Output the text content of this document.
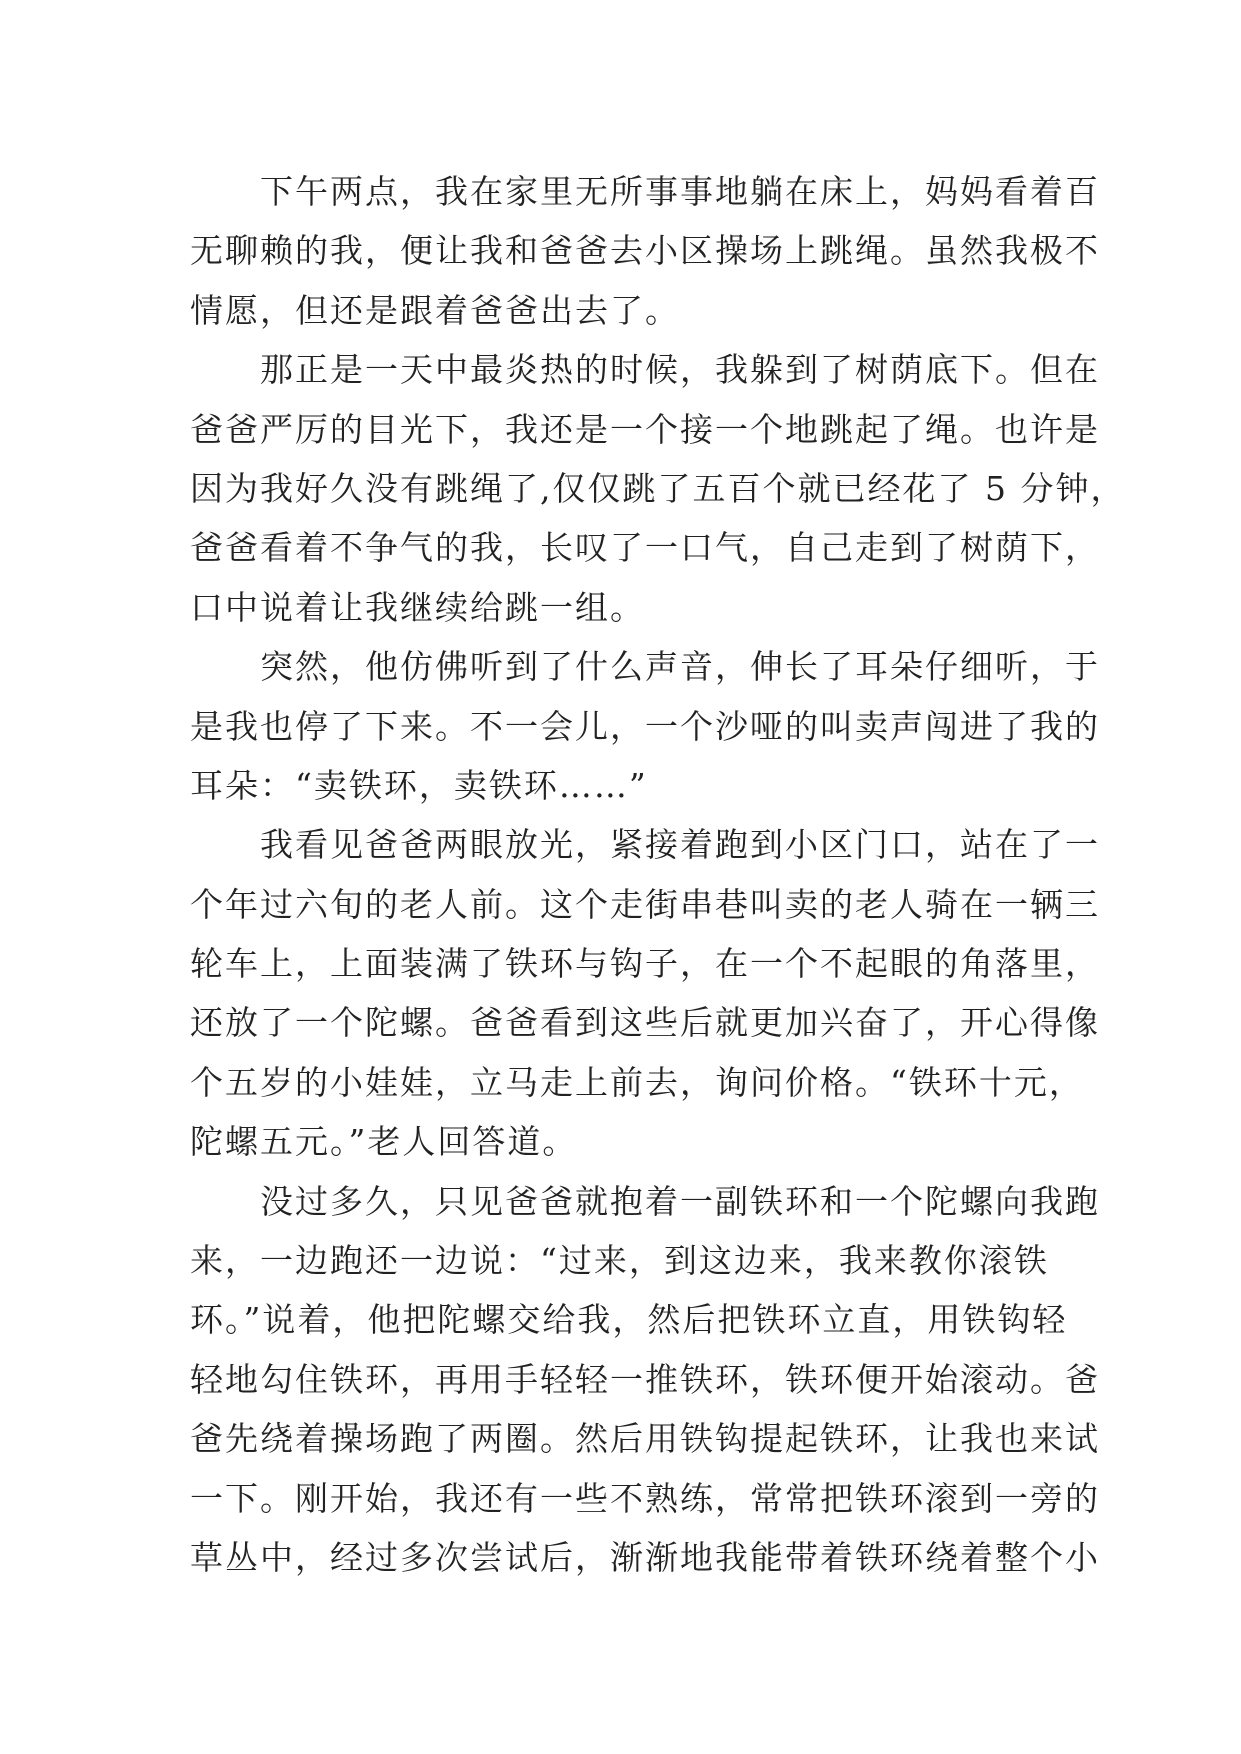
下午两点，我在家里无所事事地躺在床上，妈妈看着百
无聊赖的我，便让我和爸爸去小区操场上跳绳。虽然我极不
情愿，但还是跟着爸爸出去了。
那正是一天中最炎热的时候，我躲到了树荫底下。但在
爸爸严厉的目光下，我还是一个接一个地跳起了绳。也许是
因为我好久没有跳绳了,仅仅跳了五百个就已经花了 5 分钟，
爸爸看着不争气的我，长叹了一口气，自己走到了树荫下，
口中说着让我继续给跳一组。
突然，他仿佛听到了什么声音，伸长了耳朵仔细听，于
是我也停了下来。不一会儿，一个沙哑的叫卖声闯进了我的
耳朵：“卖铁环，卖铁环……”
我看见爸爸两眼放光，紧接着跑到小区门口，站在了一
个年过六旬的老人前。这个走街串巷叫卖的老人骑在一辆三
轮车上，上面装满了铁环与钩子，在一个不起眼的角落里，
还放了一个陀螺。爸爸看到这些后就更加兴奋了，开心得像
个五岁的小娃娃，立马走上前去，询问价格。“铁环十元，
陀螺五元。”老人回答道。
没过多久，只见爸爸就抱着一副铁环和一个陀螺向我跑
来，一边跑还一边说：“过来，到这边来，我来教你滚铁
环。”说着，他把陀螺交给我，然后把铁环立直，用铁钩轻
轻地勾住铁环，再用手轻轻一推铁环，铁环便开始滚动。爸
爸先绕着操场跑了两圈。然后用铁钩提起铁环，让我也来试
一下。刚开始，我还有一些不熟练，常常把铁环滚到一旁的
草丛中，经过多次尝试后，渐渐地我能带着铁环绕着整个小
